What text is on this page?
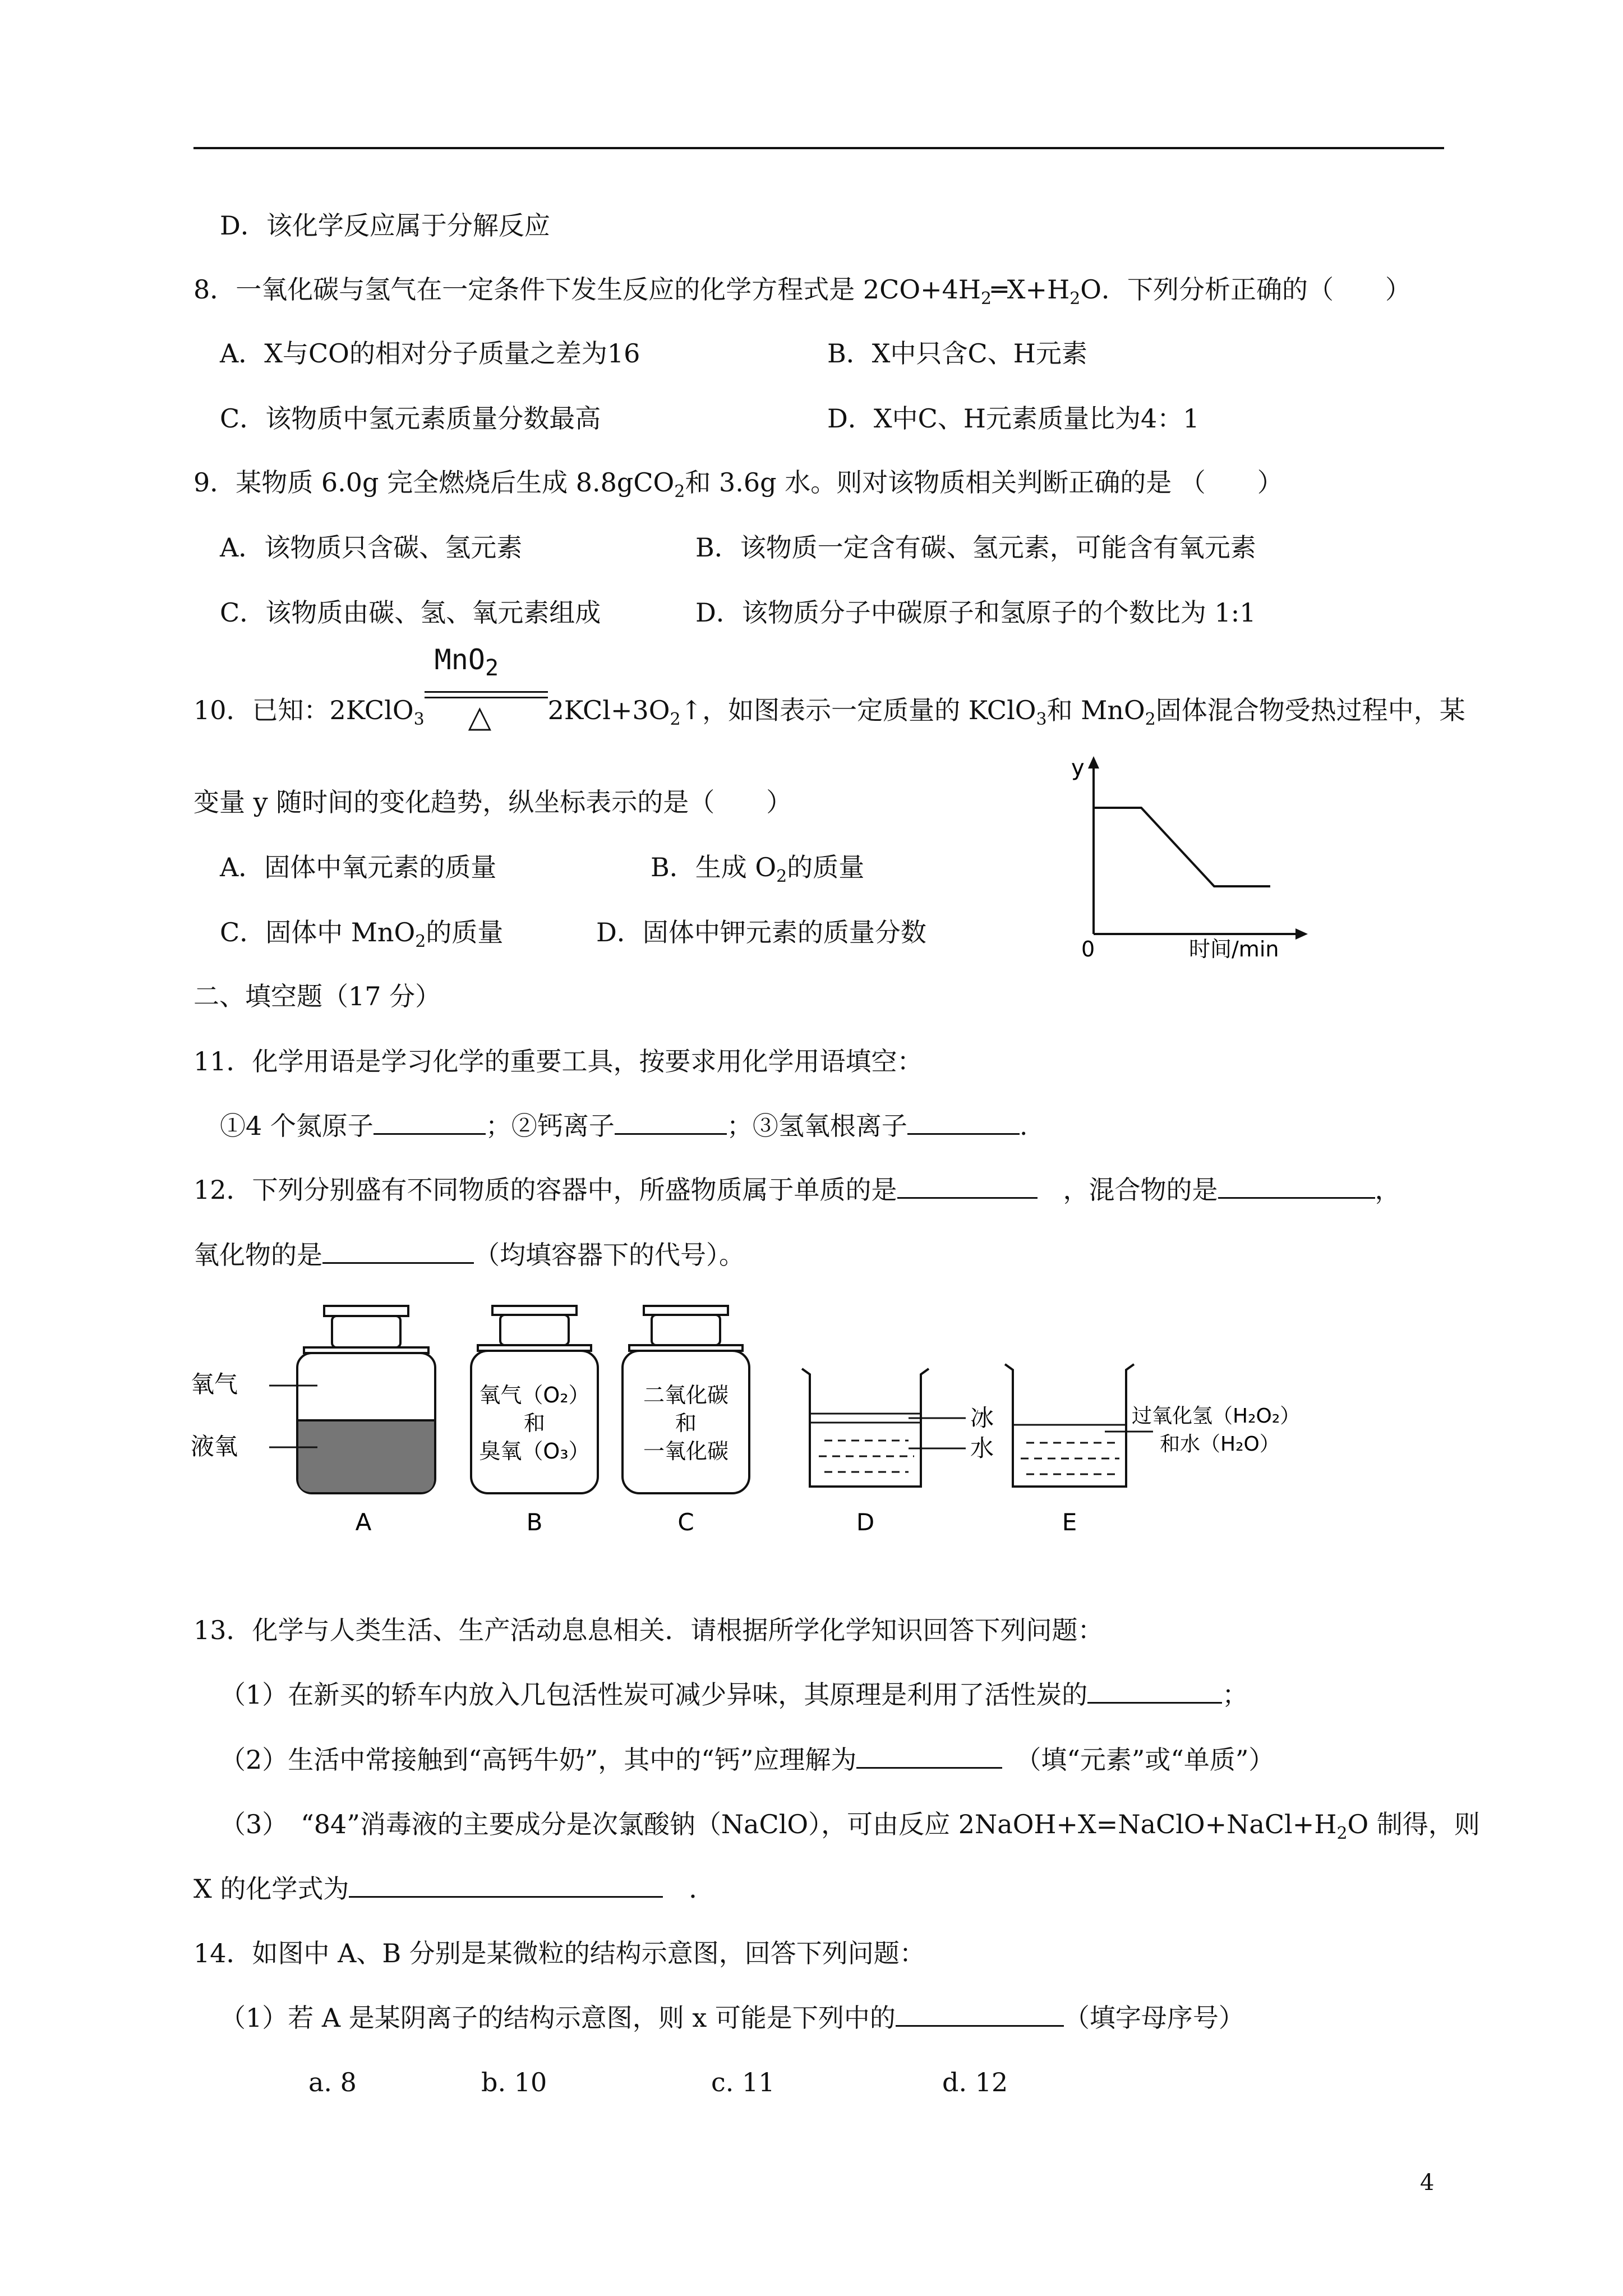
D．该化学反应属于分解反应
8．一氧化碳与氢气在一定条件下发生反应的化学方程式是 $2CO+4H_2═X+H_2O$．下列分析正确的（　　）
A．X与CO的相对分子质量之差为16	B．X中只含C、H元素
C．该物质中氢元素质量分数最高	D．X中C、H元素质量比为4：1
9．某物质 6.0g 完全燃烧后生成 8.8gCO$_2$和 3.6g 水。则对该物质相关判断正确的是 （　　）
A．该物质只含碳、氢元素	B．该物质一定含有碳、氢元素，可能含有氧元素
C．该物质由碳、氢、氧元素组成	D．该物质分子中碳原子和氢原子的个数比为 1:1
10．已知：2KClO$_3$
MnO$_2$
△ $2KCl+3O_2↑$，如图表示一定质量的 KClO$_3$和 MnO$_2$固体混合物受热过程中，某
变量 y 随时间的变化趋势，纵坐标表示的是（　　）
A．固体中氧元素的质量	B．生成 $O_2$的质量
C．固体中 MnO$_2$的质量	D．固体中钾元素的质量分数
y
0	时间/min
二、填空题（17 分）
11．化学用语是学习化学的重要工具，按要求用化学用语填空：
①4 个氮原子	；②钙离子	；③氢氧根离子	.
12．下列分别盛有不同物质的容器中，所盛物质属于单质的是　	，混合物的是	，
氧化物的是	（均填容器下的代号）。
氧气
液氧
氧气（O₂）
和
臭氧（O₃）
二氧化碳
和
一氧化碳
冰
水
过氧化氢（H₂O₂）
和水（H₂O）
A	B	C	D	E
13．化学与人类生活、生产活动息息相关．请根据所学化学知识回答下列问题：
（1）在新买的轿车内放入几包活性炭可减少异味，其原理是利用了活性炭的	；
（2）生活中常接触到“高钙牛奶”，其中的“钙”应理解为　	（填“元素”或“单质”）
（3）　“84”消毒液的主要成分是次氯酸钠（NaClO），可由反应 $2NaOH+X=NaClO+NaCl+H_2O$ 制得，则
X 的化学式为　	．
14．如图中 A、B 分别是某微粒的结构示意图，回答下列问题：
（1）若 A 是某阴离子的结构示意图，则 x 可能是下列中的	（填字母序号）
a. 8	b. 10	c. 11	d. 12
4
